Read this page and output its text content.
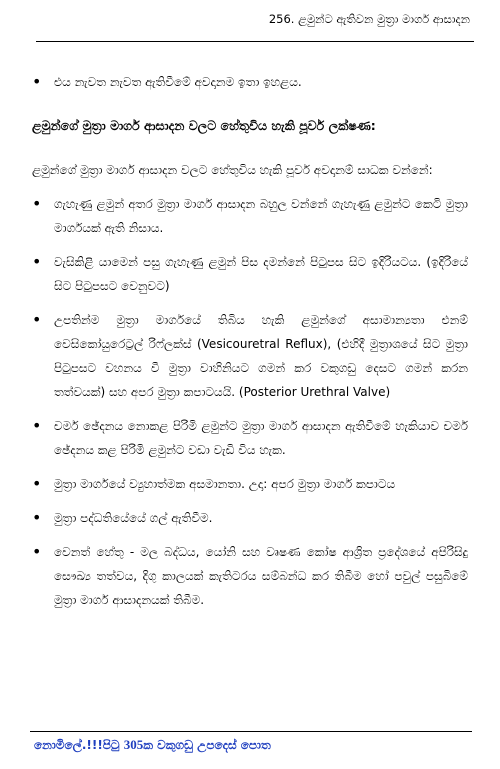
256. ළමුන්ට ඇතිවන මුත්‍රා මාර්ග ආසාදන
• එය නැවත නැවත ඇතිවීමේ අවදානම ඉතා ඉහළය.
ළමුන්ගේ මුත්‍රා මාර්ග ආසාදන වලට හේතුවිය හැකි පූර්ව ලක්ෂණ:
ළමුන්ගේ මුත්‍රා මාර්ග ආසාදන වලට හේතුවිය හැකි පූර්ව අවදානම් සාධක වන්නේ:
• ගැහැණු ළමුන් අතර මුත්‍රා මාර්ග ආසාදන බහුල වන්නේ ගැහැණු ළමුන්ට කෙටි මුත්‍රා මාර්ගයක් ඇති නිසාය.
• වැසිකිළි යාමෙන් පසු ගැහැණු ළමුන් පිස දමන්නේ පිටුපස සිට ඉදිරියටය. (ඉදිරියේ සිට පිටුපසට වෙනුවට)
• උපතින්ම මුත්‍රා මාර්ගයේ තිබිය හැකි ළමුන්ගේ අසාමාන්‍යතා එනම් වෙසිකෝයුරෙට්‍රල් රිෆ්ලක්ස් (Vesicouretral Reflux), (එහිදී මුත්‍රාශයේ සිට මුත්‍රා පිටුපසට වහනය වී මුත්‍රා වාහිනියට ගමන් කර වකුගඩු දෙසට ගමන් කරන තත්වයක්) සහ අපර මුත්‍රා කපාටයයි. (Posterior Urethral Valve)
• චර්ම ඡේදනය නොකළ පිරිමි ළමුන්ට මුත්‍රා මාර්ග ආසාදන ඇතිවීමේ හැකියාව චර්ම ඡේදනය කළ පිරිමි ළමුන්ට වඩා වැඩි විය හැක.
• මුත්‍රා මාර්ගයේ ව්‍යුහාත්මක අසමානතා. උදා: අපර මුත්‍රා මාර්ග කපාටය
• මුත්‍රා පද්ධතියේයේ ගල් ඇතිවීම.
• වෙනත් හේතු - මල බද්ධය, යෝනි සහ වෘෂණ කෝෂ ආශ්‍රිත ප්‍රදේශයේ අපිරිසිදු සෞඛ්‍ය තත්වය, දිගු කාලයක් කැතිටරය සම්බන්ධ කර තිබීම හෝ පවුල් පසුබිමේ මුත්‍රා මාර්ග ආසාදනයක් තිබීම.
නොමිලේ.!!!පිටු 305ක වකුගඩු උපදෙස් පොත
